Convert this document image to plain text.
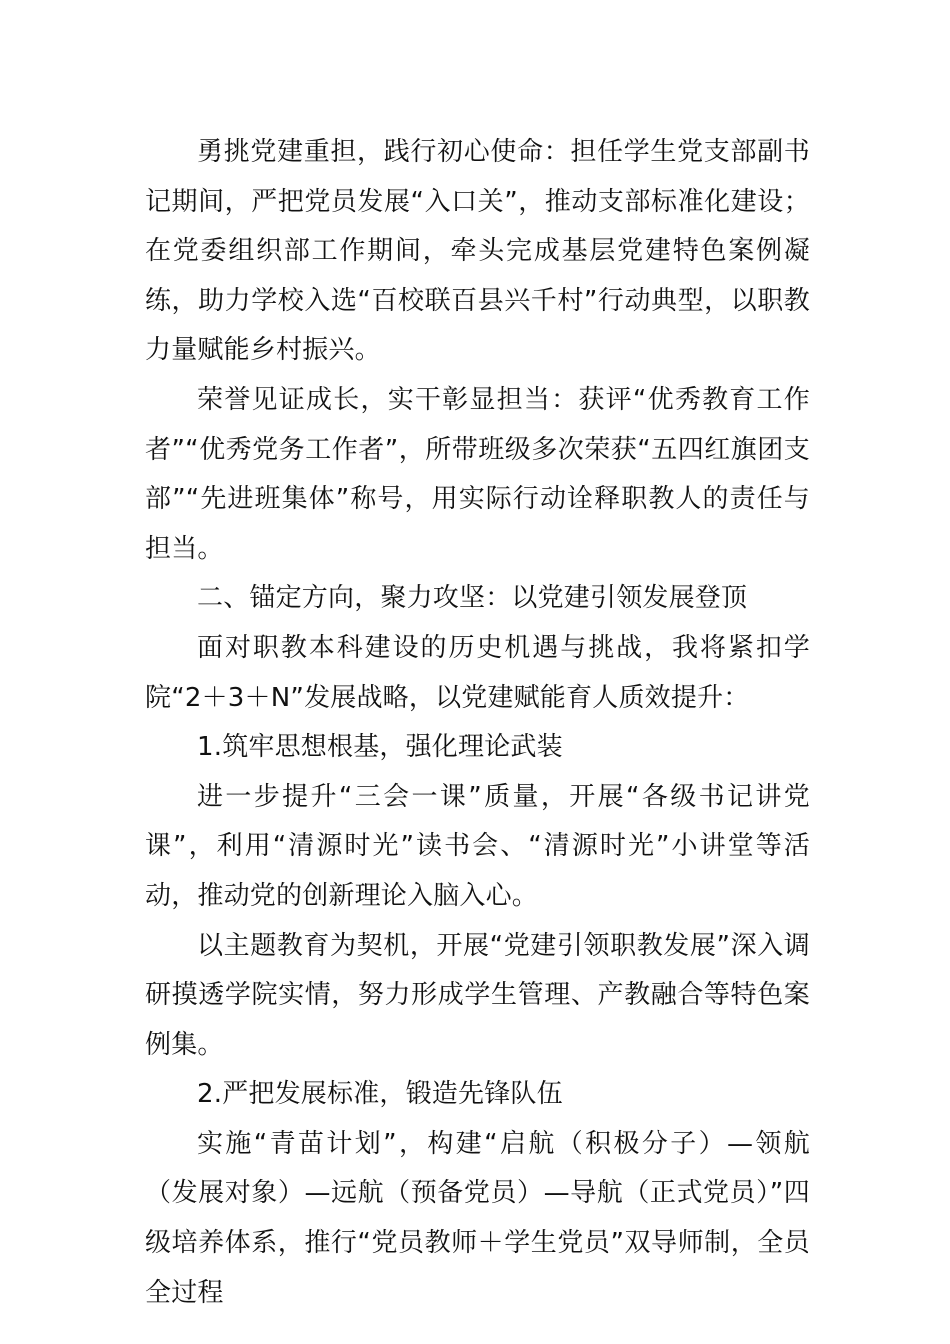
勇挑党建重担，践行初心使命：担任学生党支部副书记期间，严把党员发展“入口关”，推动支部标准化建设；在党委组织部工作期间，牵头完成基层党建特色案例凝练，助力学校入选“百校联百县兴千村”行动典型，以职教力量赋能乡村振兴。

荣誉见证成长，实干彰显担当：获评“优秀教育工作者”“优秀党务工作者”，所带班级多次荣获“五四红旗团支部”“先进班集体”称号，用实际行动诠释职教人的责任与担当。

二、锚定方向，聚力攻坚：以党建引领发展登顶

面对职教本科建设的历史机遇与挑战，我将紧扣学院“2＋3＋N”发展战略，以党建赋能育人质效提升：

1.筑牢思想根基，强化理论武装

进一步提升“三会一课”质量，开展“各级书记讲党课”，利用“清源时光”读书会、“清源时光”小讲堂等活动，推动党的创新理论入脑入心。

以主题教育为契机，开展“党建引领职教发展”深入调研摸透学院实情，努力形成学生管理、产教融合等特色案例集。

2.严把发展标准，锻造先锋队伍

实施“青苗计划”，构建“启航（积极分子）—领航（发展对象）—远航（预备党员）—导航（正式党员）”四级培养体系，推行“党员教师＋学生党员”双导师制，全员全过程
